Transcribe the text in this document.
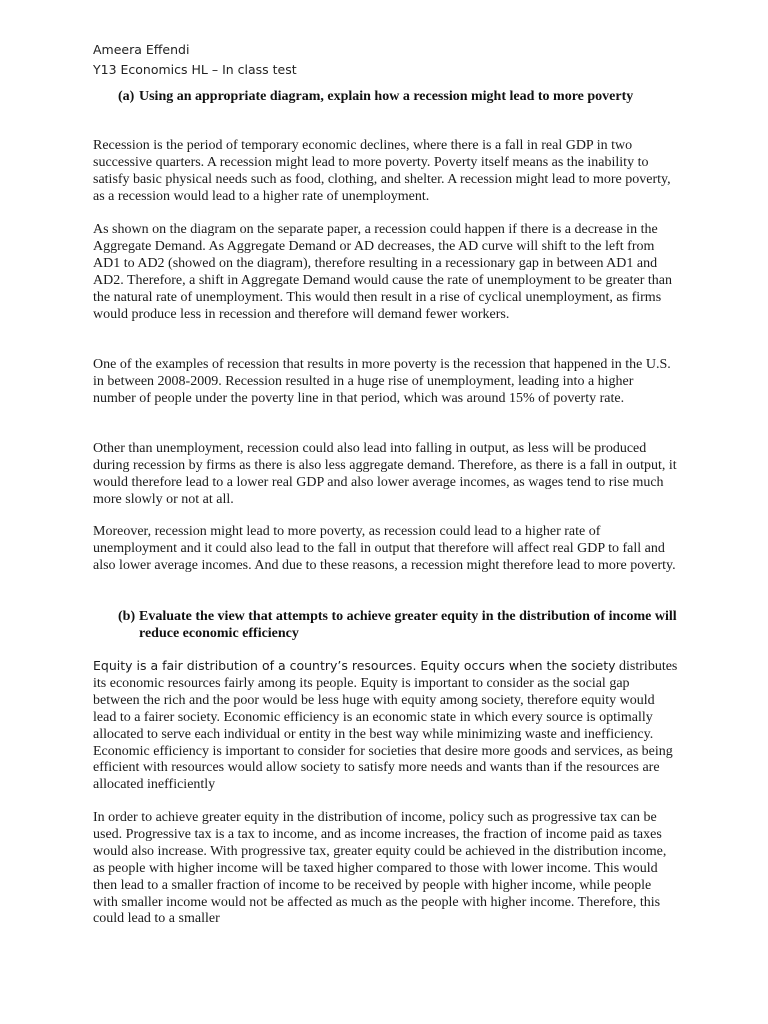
Ameera Effendi
Y13 Economics HL – In class test
(a) Using an appropriate diagram, explain how a recession might lead to more poverty

Recession is the period of temporary economic declines, where there is a fall in real GDP in two successive quarters. A recession might lead to more poverty. Poverty itself means as the inability to satisfy basic physical needs such as food, clothing, and shelter. A recession might lead to more poverty, as a recession would lead to a higher rate of unemployment.

As shown on the diagram on the separate paper, a recession could happen if there is a decrease in the Aggregate Demand. As Aggregate Demand or AD decreases, the AD curve will shift to the left from AD1 to AD2 (showed on the diagram), therefore resulting in a recessionary gap in between AD1 and AD2. Therefore, a shift in Aggregate Demand would cause the rate of unemployment to be greater than the natural rate of unemployment. This would then result in a rise of cyclical unemployment, as firms would produce less in recession and therefore will demand fewer workers.

One of the examples of recession that results in more poverty is the recession that happened in the U.S. in between 2008-2009. Recession resulted in a huge rise of unemployment, leading into a higher number of people under the poverty line in that period, which was around 15% of poverty rate.

Other than unemployment, recession could also lead into falling in output, as less will be produced during recession by firms as there is also less aggregate demand. Therefore, as there is a fall in output, it would therefore lead to a lower real GDP and also lower average incomes, as wages tend to rise much more slowly or not at all.

Moreover, recession might lead to more poverty, as recession could lead to a higher rate of unemployment and it could also lead to the fall in output that therefore will affect real GDP to fall and also lower average incomes. And due to these reasons, a recession might therefore lead to more poverty.

(b) Evaluate the view that attempts to achieve greater equity in the distribution of income will reduce economic efficiency

Equity is a fair distribution of a country’s resources. Equity occurs when the society distributes its economic resources fairly among its people. Equity is important to consider as the social gap between the rich and the poor would be less huge with equity among society, therefore equity would lead to a fairer society. Economic efficiency is an economic state in which every source is optimally allocated to serve each individual or entity in the best way while minimizing waste and inefficiency. Economic efficiency is important to consider for societies that desire more goods and services, as being efficient with resources would allow society to satisfy more needs and wants than if the resources are allocated inefficiently

In order to achieve greater equity in the distribution of income, policy such as progressive tax can be used. Progressive tax is a tax to income, and as income increases, the fraction of income paid as taxes would also increase. With progressive tax, greater equity could be achieved in the distribution income, as people with higher income will be taxed higher compared to those with lower income. This would then lead to a smaller fraction of income to be received by people with higher income, while people with smaller income would not be affected as much as the people with higher income. Therefore, this could lead to a smaller
